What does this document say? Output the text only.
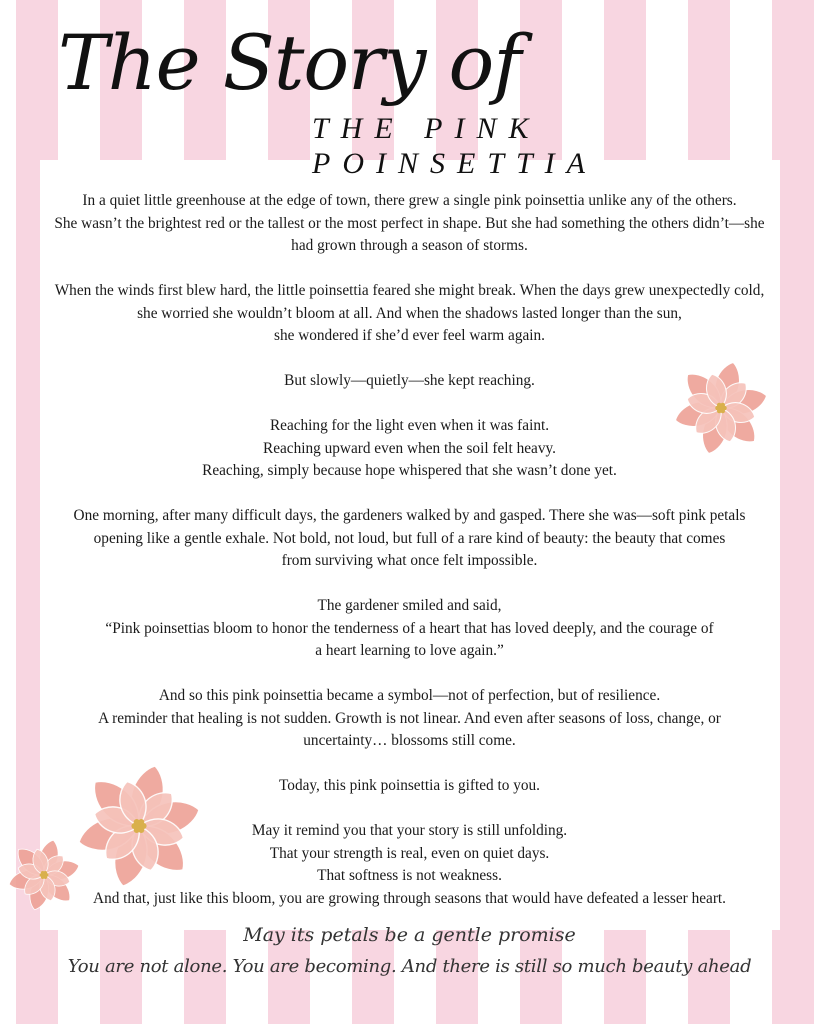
The Story of
THE PINK
POINSETTIA

In a quiet little greenhouse at the edge of town, there grew a single pink poinsettia unlike any of the others.
She wasn’t the brightest red or the tallest or the most perfect in shape. But she had something the others didn’t—she
had grown through a season of storms.

When the winds first blew hard, the little poinsettia feared she might break. When the days grew unexpectedly cold,
she worried she wouldn’t bloom at all. And when the shadows lasted longer than the sun,
she wondered if she’d ever feel warm again.

But slowly—quietly—she kept reaching.

Reaching for the light even when it was faint.
Reaching upward even when the soil felt heavy.
Reaching, simply because hope whispered that she wasn’t done yet.

One morning, after many difficult days, the gardeners walked by and gasped. There she was—soft pink petals
opening like a gentle exhale. Not bold, not loud, but full of a rare kind of beauty: the beauty that comes
from surviving what once felt impossible.

The gardener smiled and said,
“Pink poinsettias bloom to honor the tenderness of a heart that has loved deeply, and the courage of
a heart learning to love again.”

And so this pink poinsettia became a symbol—not of perfection, but of resilience.
A reminder that healing is not sudden. Growth is not linear. And even after seasons of loss, change, or
uncertainty… blossoms still come.

Today, this pink poinsettia is gifted to you.

May it remind you that your story is still unfolding.
That your strength is real, even on quiet days.
That softness is not weakness.
And that, just like this bloom, you are growing through seasons that would have defeated a lesser heart.

May its petals be a gentle promise

You are not alone. You are becoming. And there is still so much beauty ahead
